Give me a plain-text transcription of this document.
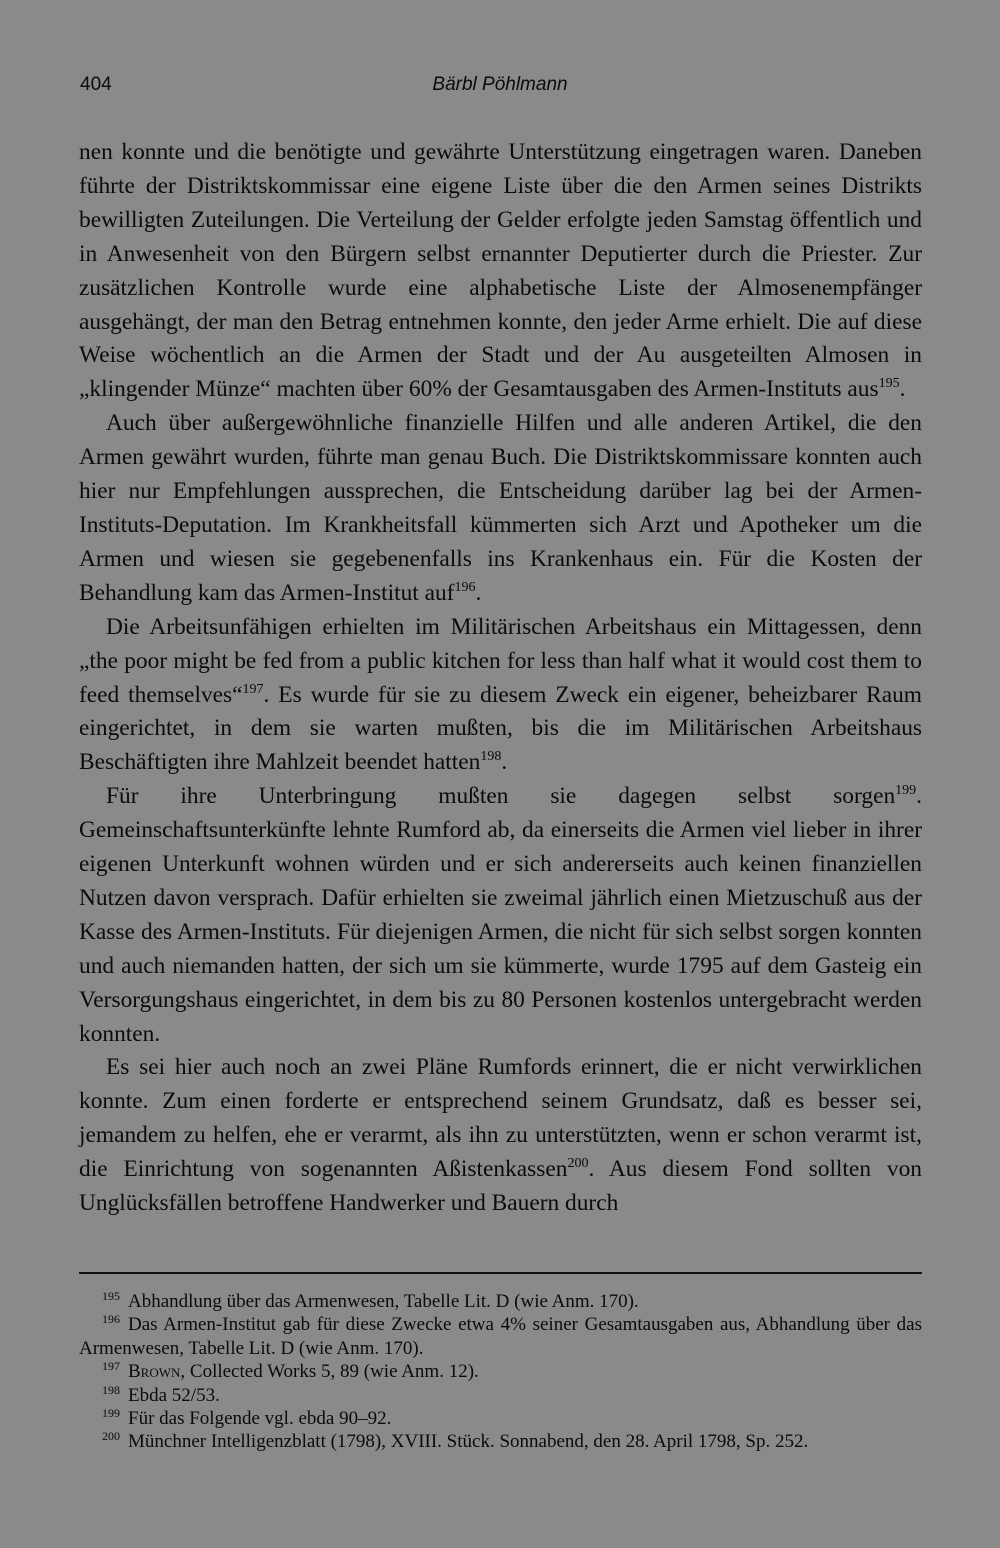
404	Bärbl Pöhlmann

nen konnte und die benötigte und gewährte Unterstützung eingetragen waren. Daneben führte der Distriktskommissar eine eigene Liste über die den Armen seines Distrikts bewilligten Zuteilungen. Die Verteilung der Gelder erfolgte jeden Samstag öffentlich und in Anwesenheit von den Bürgern selbst ernannter Deputierter durch die Priester. Zur zusätzlichen Kontrolle wurde eine alphabetische Liste der Almosenempfänger ausgehängt, der man den Betrag entnehmen konnte, den jeder Arme erhielt. Die auf diese Weise wöchentlich an die Armen der Stadt und der Au ausgeteilten Almosen in „klingender Münze“ machten über 60% der Gesamtausgaben des Armen-Instituts aus$^{195}$.

Auch über außergewöhnliche finanzielle Hilfen und alle anderen Artikel, die den Armen gewährt wurden, führte man genau Buch. Die Distriktskommissare konnten auch hier nur Empfehlungen aussprechen, die Entscheidung darüber lag bei der Armen-Instituts-Deputation. Im Krankheitsfall kümmerten sich Arzt und Apotheker um die Armen und wiesen sie gegebenenfalls ins Krankenhaus ein. Für die Kosten der Behandlung kam das Armen-Institut auf$^{196}$.

Die Arbeitsunfähigen erhielten im Militärischen Arbeitshaus ein Mittagessen, denn „the poor might be fed from a public kitchen for less than half what it would cost them to feed themselves“$^{197}$. Es wurde für sie zu diesem Zweck ein eigener, beheizbarer Raum eingerichtet, in dem sie warten mußten, bis die im Militärischen Arbeitshaus Beschäftigten ihre Mahlzeit beendet hatten$^{198}$.

Für ihre Unterbringung mußten sie dagegen selbst sorgen$^{199}$. Gemeinschaftsunterkünfte lehnte Rumford ab, da einerseits die Armen viel lieber in ihrer eigenen Unterkunft wohnen würden und er sich andererseits auch keinen finanziellen Nutzen davon versprach. Dafür erhielten sie zweimal jährlich einen Mietzuschuß aus der Kasse des Armen-Instituts. Für diejenigen Armen, die nicht für sich selbst sorgen konnten und auch niemanden hatten, der sich um sie kümmerte, wurde 1795 auf dem Gasteig ein Versorgungshaus eingerichtet, in dem bis zu 80 Personen kostenlos untergebracht werden konnten.

Es sei hier auch noch an zwei Pläne Rumfords erinnert, die er nicht verwirklichen konnte. Zum einen forderte er entsprechend seinem Grundsatz, daß es besser sei, jemandem zu helfen, ehe er verarmt, als ihn zu unterstützten, wenn er schon verarmt ist, die Einrichtung von sogenannten Aßistenkassen$^{200}$. Aus diesem Fond sollten von Unglücksfällen betroffene Handwerker und Bauern durch

$^{195}$ Abhandlung über das Armenwesen, Tabelle Lit. D (wie Anm. 170).

$^{196}$ Das Armen-Institut gab für diese Zwecke etwa 4% seiner Gesamtausgaben aus, Abhandlung über das Armenwesen, Tabelle Lit. D (wie Anm. 170).

$^{197}$ Brown, Collected Works 5, 89 (wie Anm. 12).

$^{198}$ Ebda 52/53.

$^{199}$ Für das Folgende vgl. ebda 90–92.

$^{200}$ Münchner Intelligenzblatt (1798), XVIII. Stück. Sonnabend, den 28. April 1798, Sp. 252.
